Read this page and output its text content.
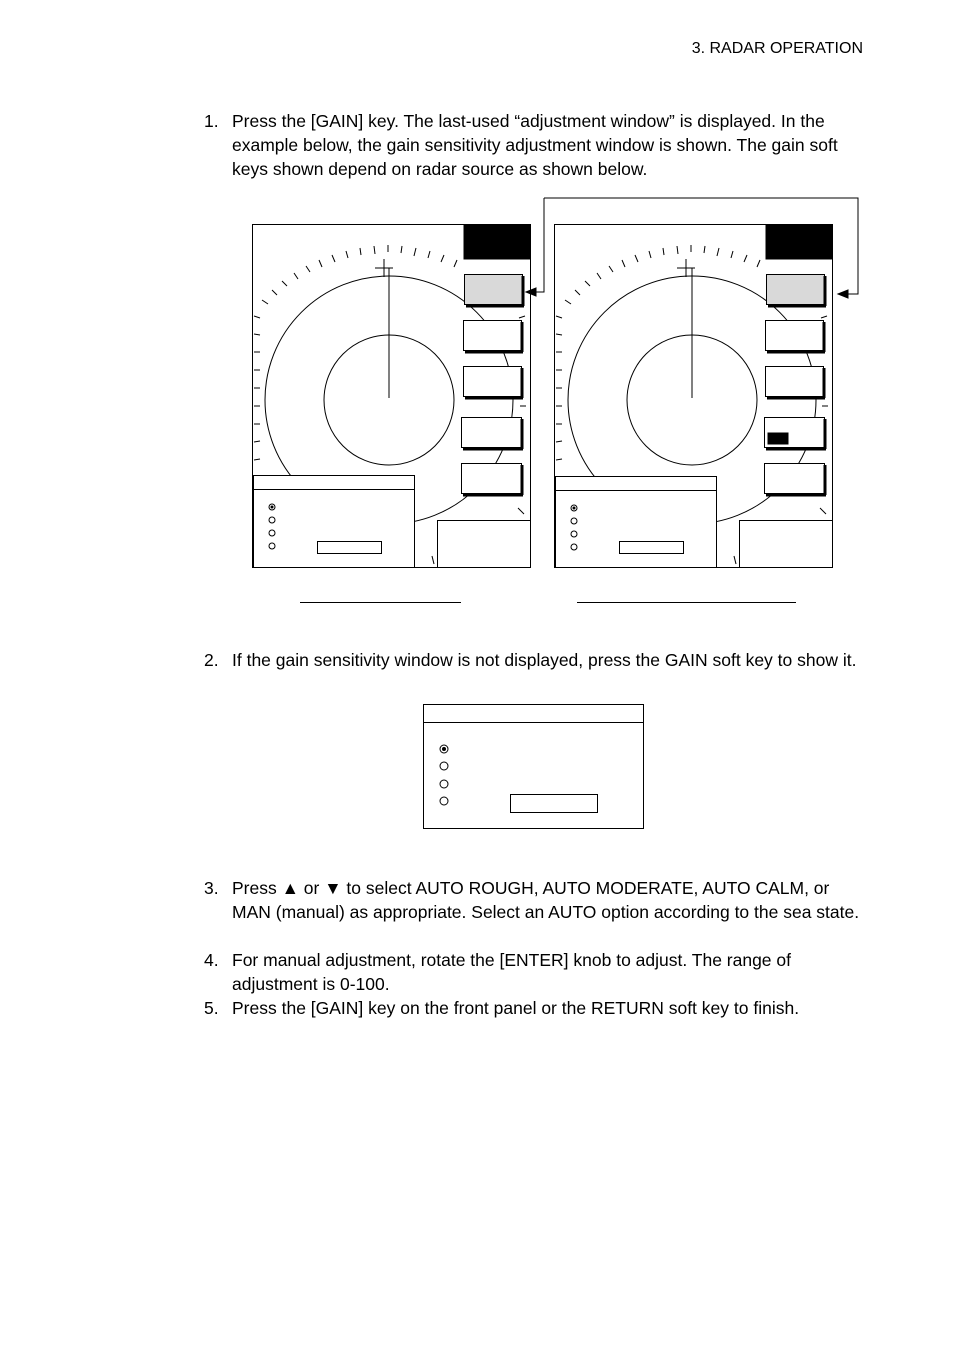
3. RADAR OPERATION
1. Press the [GAIN] key. The last-used “adjustment window” is displayed. In the example below, the gain sensitivity adjustment window is shown. The gain soft keys shown depend on radar source as shown below.
2. If the gain sensitivity window is not displayed, press the GAIN soft key to show it.
3. Press ▲ or ▼ to select AUTO ROUGH, AUTO MODERATE, AUTO CALM, or MAN (manual) as appropriate. Select an AUTO option according to the sea state.
4. For manual adjustment, rotate the [ENTER] knob to adjust. The range of adjustment is 0-100.
5. Press the [GAIN] key on the front panel or the RETURN soft key to finish.
